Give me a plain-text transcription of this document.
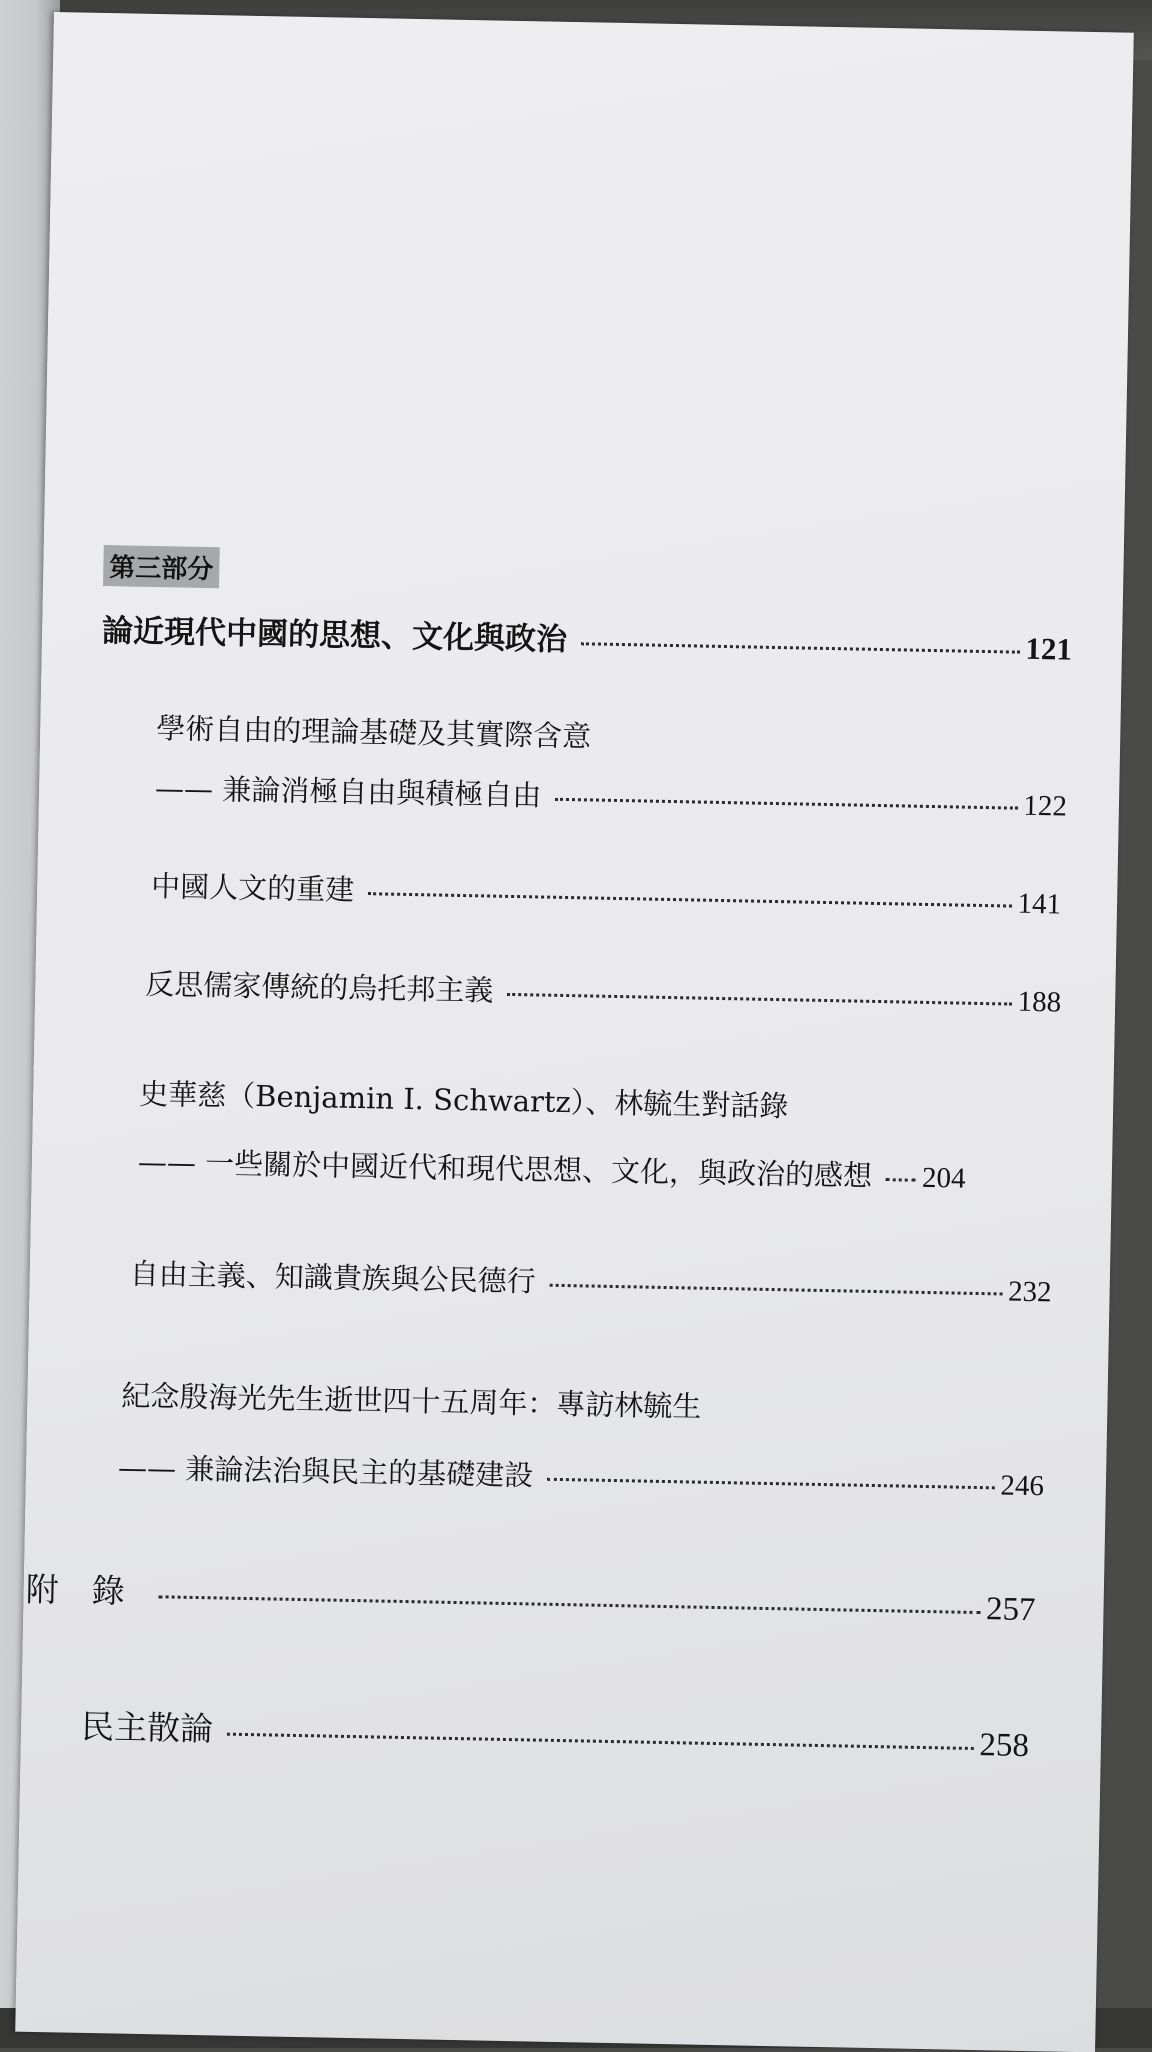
第三部分
論近現代中國的思想、文化與政治	121
學術自由的理論基礎及其實際含意
—— 兼論消極自由與積極自由	122
中國人文的重建	141
反思儒家傳統的烏托邦主義	188
史華慈（Benjamin I. Schwartz）、林毓生對話錄
—— 一些關於中國近代和現代思想、文化，與政治的感想 204
自由主義、知識貴族與公民德行	232
紀念殷海光先生逝世四十五周年：專訪林毓生
—— 兼論法治與民主的基礎建設	246
附　錄	257
民主散論	258
